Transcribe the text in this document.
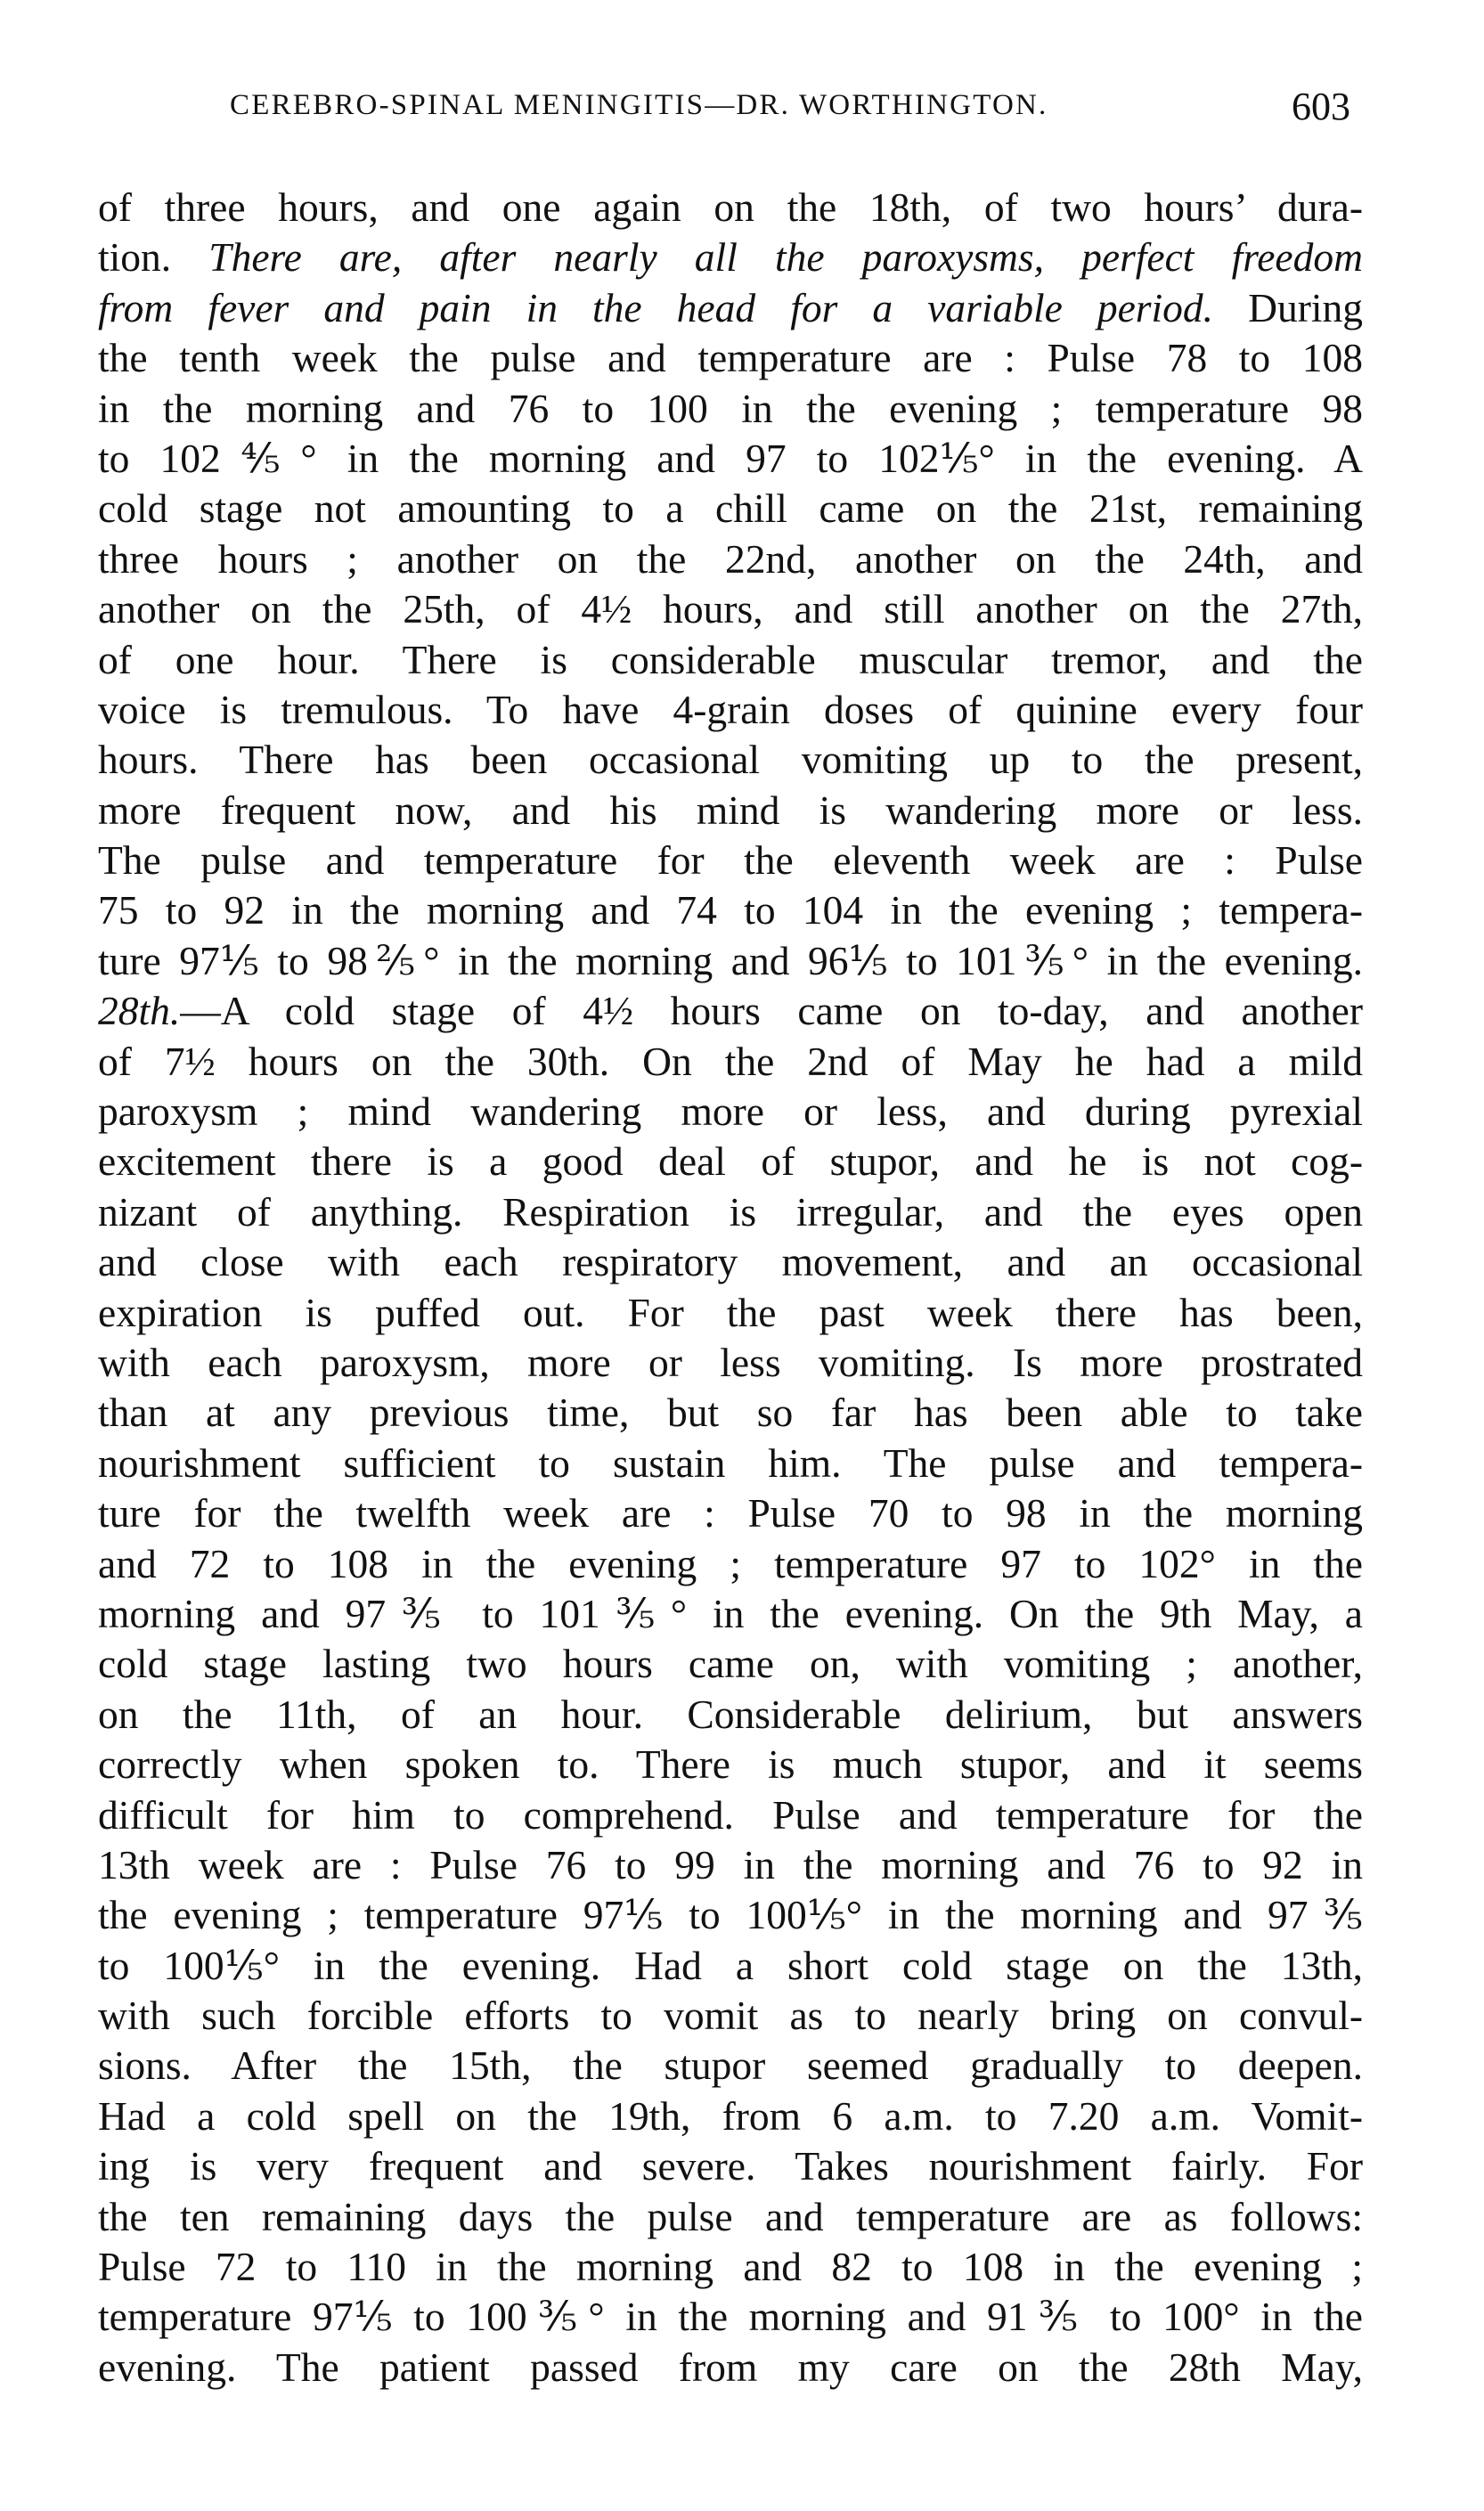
CEREBRO-SPINAL MENINGITIS—DR. WORTHINGTON.	603
of three hours, and one again on the 18th, of two hours’ dura-
tion. There are, after nearly all the paroxysms, perfect freedom
from fever and pain in the head for a variable period. During
the tenth week the pulse and temperature are : Pulse 78 to 108
in the morning and 76 to 100 in the evening ; temperature 98
to 102⅘° in the morning and 97 to 102⅕° in the evening. A
cold stage not amounting to a chill came on the 21st, remaining
three hours ; another on the 22nd, another on the 24th, and
another on the 25th, of 4½ hours, and still another on the 27th,
of one hour. There is considerable muscular tremor, and the
voice is tremulous. To have 4-grain doses of quinine every four
hours. There has been occasional vomiting up to the present,
more frequent now, and his mind is wandering more or less.
The pulse and temperature for the eleventh week are : Pulse
75 to 92 in the morning and 74 to 104 in the evening ; tempera-
ture 97⅕ to 98⅖° in the morning and 96⅕ to 101⅗° in the evening.
28th.—A cold stage of 4½ hours came on to-day, and another
of 7½ hours on the 30th. On the 2nd of May he had a mild
paroxysm ; mind wandering more or less, and during pyrexial
excitement there is a good deal of stupor, and he is not cog-
nizant of anything. Respiration is irregular, and the eyes open
and close with each respiratory movement, and an occasional
expiration is puffed out. For the past week there has been,
with each paroxysm, more or less vomiting. Is more prostrated
than at any previous time, but so far has been able to take
nourishment sufficient to sustain him. The pulse and tempera-
ture for the twelfth week are : Pulse 70 to 98 in the morning
and 72 to 108 in the evening ; temperature 97 to 102° in the
morning and 97⅗ to 101⅗° in the evening. On the 9th May, a
cold stage lasting two hours came on, with vomiting ; another,
on the 11th, of an hour. Considerable delirium, but answers
correctly when spoken to. There is much stupor, and it seems
difficult for him to comprehend. Pulse and temperature for the
13th week are : Pulse 76 to 99 in the morning and 76 to 92 in
the evening ; temperature 97⅕ to 100⅕° in the morning and 97⅗
to 100⅕° in the evening. Had a short cold stage on the 13th,
with such forcible efforts to vomit as to nearly bring on convul-
sions. After the 15th, the stupor seemed gradually to deepen.
Had a cold spell on the 19th, from 6 a.m. to 7.20 a.m. Vomit-
ing is very frequent and severe. Takes nourishment fairly. For
the ten remaining days the pulse and temperature are as follows:
Pulse 72 to 110 in the morning and 82 to 108 in the evening ;
temperature 97⅕ to 100⅗° in the morning and 91⅗ to 100° in the
evening. The patient passed from my care on the 28th May,
